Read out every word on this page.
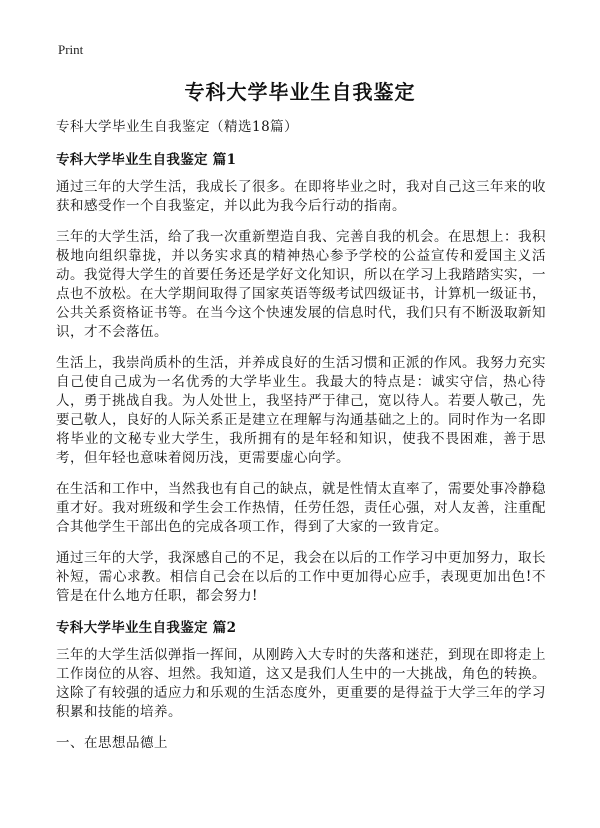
Print
专科大学毕业生自我鉴定

专科大学毕业生自我鉴定（精选18篇）

专科大学毕业生自我鉴定 篇1

通过三年的大学生活，我成长了很多。在即将毕业之时，我对自己这三年来的收获和感受作一个自我鉴定，并以此为我今后行动的指南。

三年的大学生活，给了我一次重新塑造自我、完善自我的机会。在思想上：我积极地向组织靠拢，并以务实求真的精神热心参予学校的公益宣传和爱国主义活动。我觉得大学生的首要任务还是学好文化知识，所以在学习上我踏踏实实，一点也不放松。在大学期间取得了国家英语等级考试四级证书，计算机一级证书，公共关系资格证书等。在当今这个快速发展的信息时代，我们只有不断汲取新知识，才不会落伍。

生活上，我崇尚质朴的生活，并养成良好的生活习惯和正派的作风。我努力充实自己使自己成为一名优秀的大学毕业生。我最大的特点是：诚实守信，热心待人，勇于挑战自我。为人处世上，我坚持严于律己，宽以待人。若要人敬己，先要己敬人，良好的人际关系正是建立在理解与沟通基础之上的。同时作为一名即将毕业的文秘专业大学生，我所拥有的是年轻和知识，使我不畏困难，善于思考，但年轻也意味着阅历浅，更需要虚心向学。

在生活和工作中，当然我也有自己的缺点，就是性情太直率了，需要处事冷静稳重才好。我对班级和学生会工作热情，任劳任怨，责任心强，对人友善，注重配合其他学生干部出色的完成各项工作，得到了大家的一致肯定。

通过三年的大学，我深感自己的不足，我会在以后的工作学习中更加努力，取长补短，需心求教。相信自己会在以后的工作中更加得心应手，表现更加出色!不管是在什么地方任职，都会努力!

专科大学毕业生自我鉴定 篇2

三年的大学生活似弹指一挥间，从刚跨入大专时的失落和迷茫，到现在即将走上工作岗位的从容、坦然。我知道，这又是我们人生中的一大挑战，角色的转换。这除了有较强的适应力和乐观的生活态度外，更重要的是得益于大学三年的学习积累和技能的培养。

一、在思想品德上
